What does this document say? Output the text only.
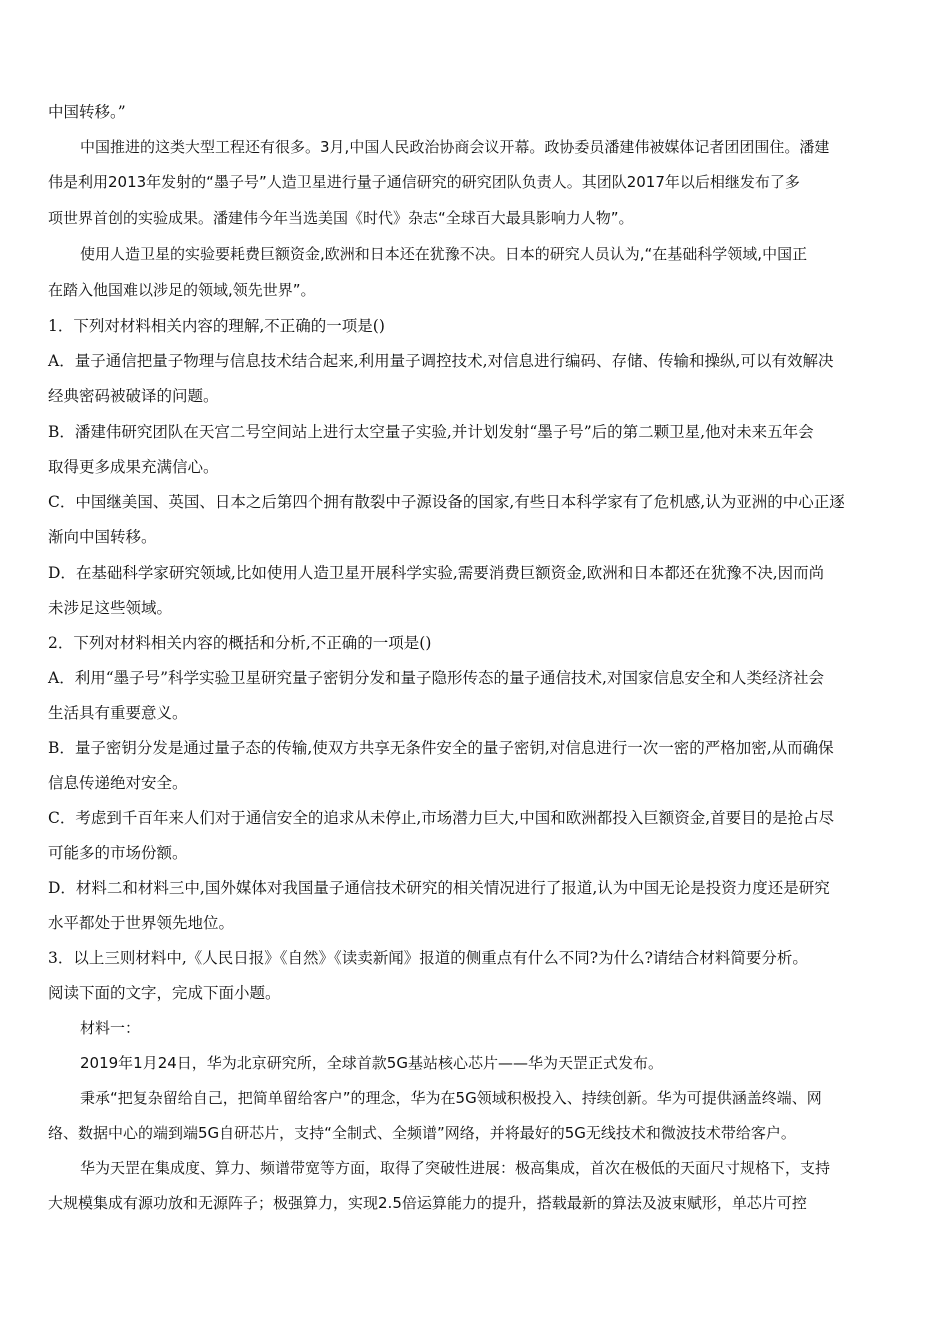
中国转移。”

中国推进的这类大型工程还有很多。3月,中国人民政治协商会议开幕。政协委员潘建伟被媒体记者团团围住。潘建

伟是利用2013年发射的“墨子号”人造卫星进行量子通信研究的研究团队负责人。其团队2017年以后相继发布了多

项世界首创的实验成果。潘建伟今年当选美国《时代》杂志“全球百大最具影响力人物”。

使用人造卫星的实验要耗费巨额资金,欧洲和日本还在犹豫不决。日本的研究人员认为,“在基础科学领域,中国正

在踏入他国难以涉足的领域,领先世界”。

1．下列对材料相关内容的理解,不正确的一项是()

A．量子通信把量子物理与信息技术结合起来,利用量子调控技术,对信息进行编码、存储、传输和操纵,可以有效解决

经典密码被破译的问题。

B．潘建伟研究团队在天宫二号空间站上进行太空量子实验,并计划发射“墨子号”后的第二颗卫星,他对未来五年会

取得更多成果充满信心。

C．中国继美国、英国、日本之后第四个拥有散裂中子源设备的国家,有些日本科学家有了危机感,认为亚洲的中心正逐

渐向中国转移。

D．在基础科学家研究领域,比如使用人造卫星开展科学实验,需要消费巨额资金,欧洲和日本都还在犹豫不决,因而尚

未涉足这些领域。

2．下列对材料相关内容的概括和分析,不正确的一项是()

A．利用“墨子号”科学实验卫星研究量子密钥分发和量子隐形传态的量子通信技术,对国家信息安全和人类经济社会

生活具有重要意义。

B．量子密钥分发是通过量子态的传输,使双方共享无条件安全的量子密钥,对信息进行一次一密的严格加密,从而确保

信息传递绝对安全。

C．考虑到千百年来人们对于通信安全的追求从未停止,市场潜力巨大,中国和欧洲都投入巨额资金,首要目的是抢占尽

可能多的市场份额。

D．材料二和材料三中,国外媒体对我国量子通信技术研究的相关情况进行了报道,认为中国无论是投资力度还是研究

水平都处于世界领先地位。

3．以上三则材料中,《人民日报》《自然》《读卖新闻》报道的侧重点有什么不同?为什么?请结合材料简要分析。

阅读下面的文字，完成下面小题。

材料一：

2019年1月24日，华为北京研究所，全球首款5G基站核心芯片——华为天罡正式发布。

秉承“把复杂留给自己，把简单留给客户”的理念，华为在5G领域积极投入、持续创新。华为可提供涵盖终端、网

络、数据中心的端到端5G自研芯片，支持“全制式、全频谱”网络，并将最好的5G无线技术和微波技术带给客户。

华为天罡在集成度、算力、频谱带宽等方面，取得了突破性进展：极高集成，首次在极低的天面尺寸规格下，支持

大规模集成有源功放和无源阵子；极强算力，实现2.5倍运算能力的提升，搭载最新的算法及波束赋形，单芯片可控
